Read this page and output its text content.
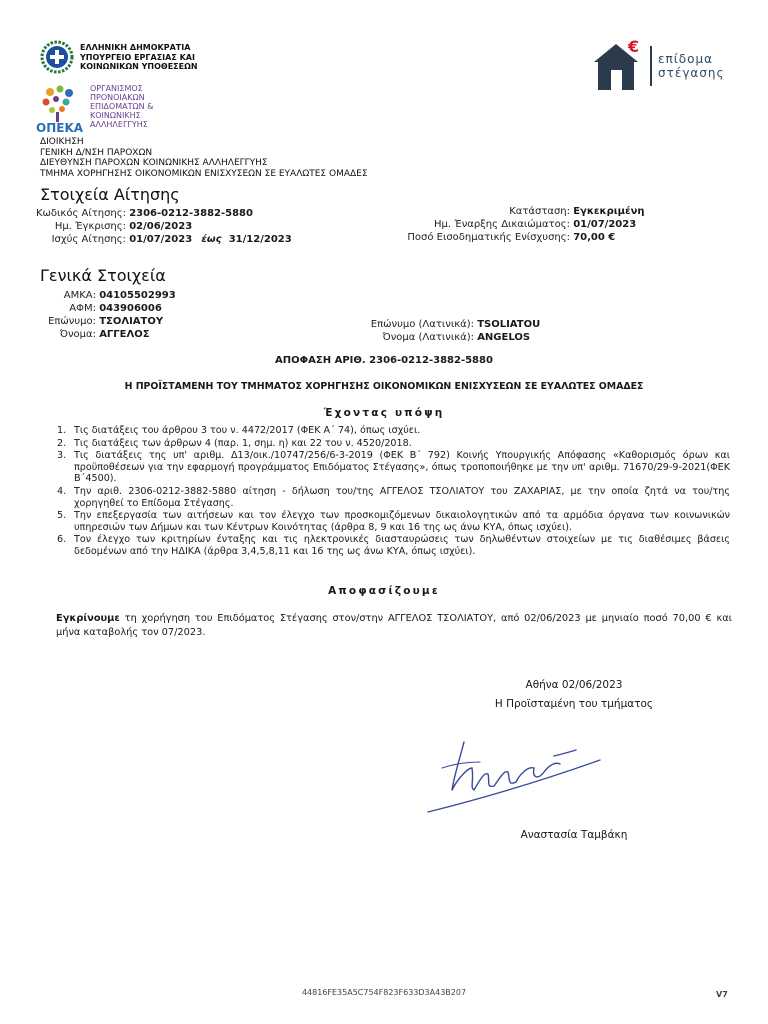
ΕΛΛΗΝΙΚΗ ΔΗΜΟΚΡΑΤΙΑ
ΥΠΟΥΡΓΕΙΟ ΕΡΓΑΣΙΑΣ ΚΑΙ
ΚΟΙΝΩΝΙΚΩΝ ΥΠΟΘΕΣΕΩΝ
ΟΠΕΚΑ
ΟΡΓΑΝΙΣΜΟΣ
ΠΡΟΝΟΙΑΚΩΝ
ΕΠΙΔΟΜΑΤΩΝ &
ΚΟΙΝΩΝΙΚΗΣ
ΑΛΛΗΛΕΓΓΥΗΣ
ΔΙΟΙΚΗΣΗ
ΓΕΝΙΚΗ Δ/ΝΣΗ ΠΑΡΟΧΩΝ
ΔΙΕΥΘΥΝΣΗ ΠΑΡΟΧΩΝ ΚΟΙΝΩΝΙΚΗΣ ΑΛΛΗΛΕΓΓΥΗΣ
ΤΜΗΜΑ ΧΟΡΗΓΗΣΗΣ ΟΙΚΟΝΟΜΙΚΩΝ ΕΝΙΣΧΥΣΕΩΝ ΣΕ ΕΥΑΛΩΤΕΣ ΟΜΑΔΕΣ
€
επίδομα
στέγασης
Στοιχεία Αίτησης
Κωδικός Αίτησης: 2306-0212-3882-5880
Ημ. Έγκρισης: 02/06/2023
Ισχύς Αίτησης: 01/07/2023 έως 31/12/2023
Κατάσταση: Εγκεκριμένη
Ημ. Έναρξης Δικαιώματος: 01/07/2023
Ποσό Εισοδηματικής Ενίσχυσης: 70,00 €
Γενικά Στοιχεία
ΑΜΚΑ: 04105502993
ΑΦΜ: 043906006
Επώνυμο: ΤΣΟΛΙΑΤΟΥ
Όνομα: ΑΓΓΕΛΟΣ
Επώνυμο (Λατινικά): TSOLIATOU
Όνομα (Λατινικά): ANGELOS
ΑΠΟΦΑΣΗ ΑΡΙΘ. 2306-0212-3882-5880
Η ΠΡΟΪΣΤΑΜΕΝΗ ΤΟΥ ΤΜΗΜΑΤΟΣ ΧΟΡΗΓΗΣΗΣ ΟΙΚΟΝΟΜΙΚΩΝ ΕΝΙΣΧΥΣΕΩΝ ΣΕ ΕΥΑΛΩΤΕΣ ΟΜΑΔΕΣ
Έχοντας υπόψη
1. Τις διατάξεις του άρθρου 3 του ν. 4472/2017 (ΦΕΚ Α΄ 74), όπως ισχύει.
2. Τις διατάξεις των άρθρων 4 (παρ. 1, σημ. η) και 22 του ν. 4520/2018.
3. Τις διατάξεις της υπ' αριθμ. Δ13/οικ./10747/256/6-3-2019 (ΦΕΚ Β΄ 792) Κοινής Υπουργικής Απόφασης «Καθορισμός όρων και προϋποθέσεων για την εφαρμογή προγράμματος Επιδόματος Στέγασης», όπως τροποποιήθηκε με την υπ' αριθμ. 71670/29-9-2021(ΦΕΚ Β΄4500).
4. Την αριθ. 2306-0212-3882-5880 αίτηση - δήλωση του/της ΑΓΓΕΛΟΣ ΤΣΟΛΙΑΤΟΥ του ΖΑΧΑΡΙΑΣ, με την οποία ζητά να του/της χορηγηθεί το Επίδομα Στέγασης.
5. Την επεξεργασία των αιτήσεων και τον έλεγχο των προσκομιζόμενων δικαιολογητικών από τα αρμόδια όργανα των κοινωνικών υπηρεσιών των Δήμων και των Κέντρων Κοινότητας (άρθρα 8, 9 και 16 της ως άνω ΚΥΑ, όπως ισχύει).
6. Τον έλεγχο των κριτηρίων ένταξης και τις ηλεκτρονικές διασταυρώσεις των δηλωθέντων στοιχείων με τις διαθέσιμες βάσεις δεδομένων από την ΗΔΙΚΑ (άρθρα 3,4,5,8,11 και 16 της ως άνω ΚΥΑ, όπως ισχύει).
Αποφασίζουμε
Εγκρίνουμε τη χορήγηση του Επιδόματος Στέγασης στον/στην ΑΓΓΕΛΟΣ ΤΣΟΛΙΑΤΟΥ, από 02/06/2023 με μηνιαίο ποσό 70,00 € και μήνα καταβολής τον 07/2023.
Αθήνα 02/06/2023
Η Προϊσταμένη του τμήματος
Αναστασία Ταμβάκη
44816FE35A5C754F823F633D3A43B207	V7
